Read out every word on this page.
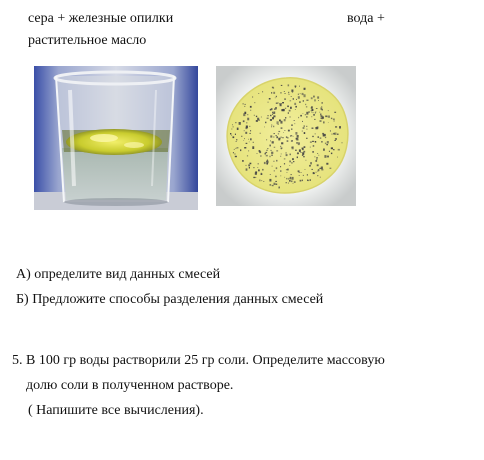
сера + железные опилки	вода +
растительное масло
А) определите вид данных смесей
Б) Предложите способы разделения данных смесей
5. В 100 гр воды растворили 25 гр соли. Определите массовую
долю соли в полученном растворе.
( Напишите все вычисления).
